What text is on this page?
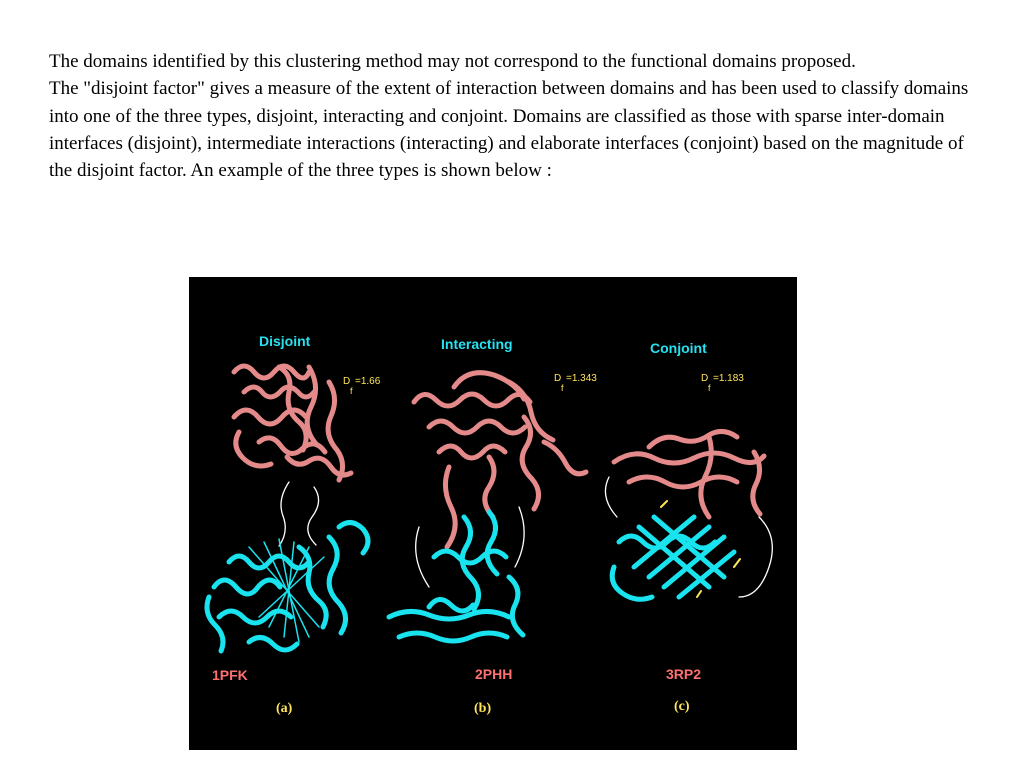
The domains identified by this clustering method may not correspond to the functional domains proposed.

The "disjoint factor" gives a measure of the extent of interaction between domains and has been used to classify domains into one of the three types, disjoint, interacting and conjoint. Domains are classified as those with sparse inter-domain interfaces (disjoint), intermediate interactions (interacting) and elaborate interfaces (conjoint) based on the magnitude of the disjoint factor. An example of the three types is shown below :

Disjoint	Interacting	Conjoint
D
f
=1.66	D
f
=1.343	D
f
=1.183
1PFK	2PHH	3RP2
(a)	(b)	(c)
